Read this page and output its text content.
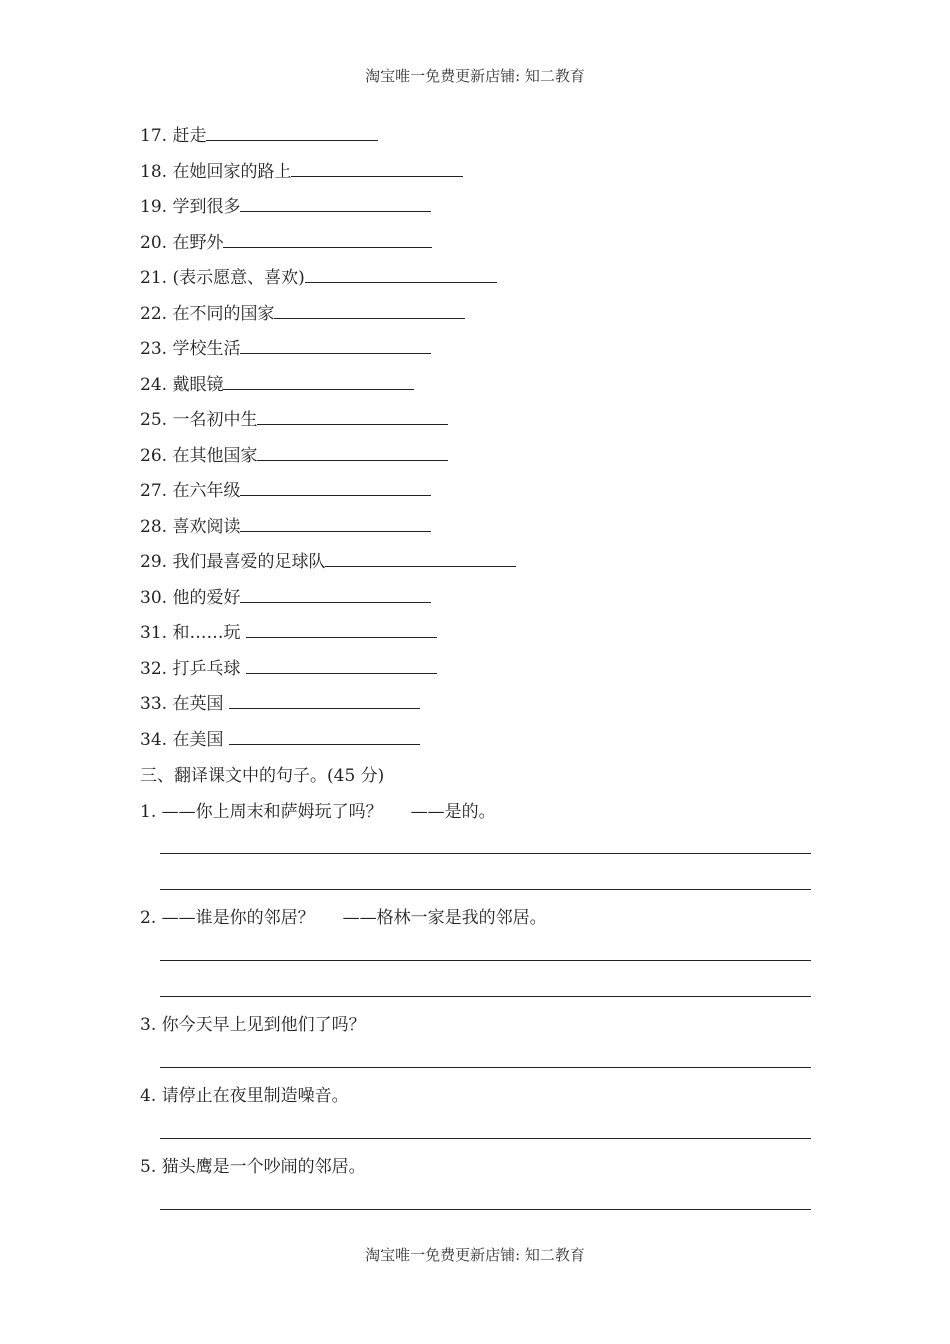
淘宝唯一免费更新店铺: 知二教育
17. 赶走
18. 在她回家的路上
19. 学到很多
20. 在野外
21. (表示愿意、喜欢)
22. 在不同的国家
23. 学校生活
24. 戴眼镜
25. 一名初中生
26. 在其他国家
27. 在六年级
28. 喜欢阅读
29. 我们最喜爱的足球队
30. 他的爱好
31. 和……玩
32. 打乒乓球
33. 在英国
34. 在美国
三、翻译课文中的句子。(45 分)
1. ——你上周末和萨姆玩了吗？ ——是的。
2. ——谁是你的邻居？ ——格林一家是我的邻居。
3. 你今天早上见到他们了吗？
4. 请停止在夜里制造噪音。
5. 猫头鹰是一个吵闹的邻居。
淘宝唯一免费更新店铺: 知二教育
